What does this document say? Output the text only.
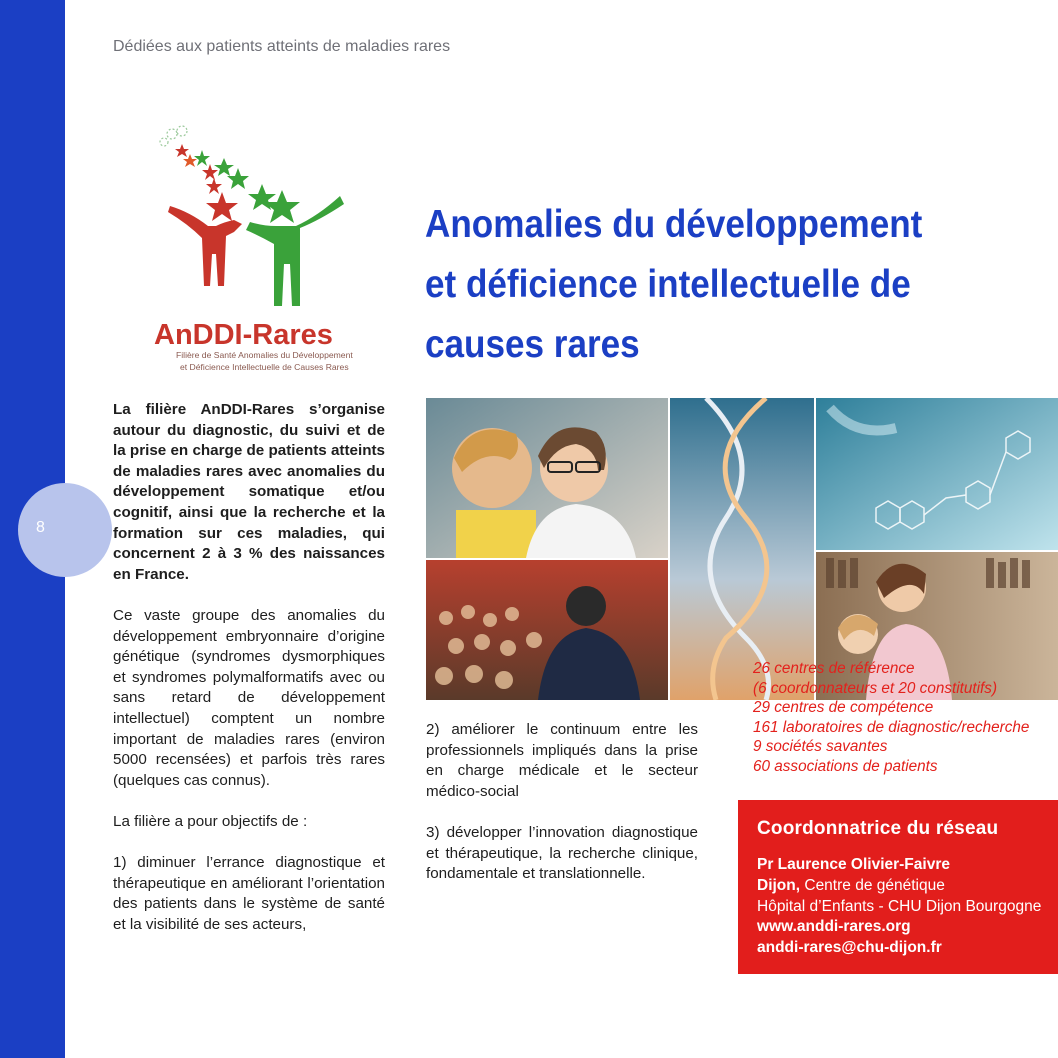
8
Dédiées aux patients atteints de maladies rares
AnDDI-Rares
Filière de Santé Anomalies du Développement
et Déficience Intellectuelle de Causes Rares
Anomalies du développement
et déficience intellectuelle de
causes rares

La filière AnDDI-Rares s’organise autour du diagnostic, du suivi et de la prise en charge de patients atteints de maladies rares avec anomalies du développement somatique et/ou cognitif, ainsi que la recherche et la formation sur ces maladies, qui concernent 2 à 3 % des naissances en France.

Ce vaste groupe des anomalies du développement embryonnaire d’origine génétique (syndromes dysmorphiques et syndromes polymalformatifs avec ou sans retard de développement intellectuel) comptent un nombre important de maladies rares (environ 5000 recensées) et parfois très rares (quelques cas connus).

La filière a pour objectifs de :

1) diminuer l’errance diagnostique et thérapeutique en améliorant l’orientation des patients dans le système de santé et la visibilité de ses acteurs,

2) améliorer le continuum entre les professionnels impliqués dans la prise en charge médicale et le secteur médico-social

3) développer l’innovation diagnostique et thérapeutique, la recherche clinique, fondamentale et translationnelle.

26 centres de référence
(6 coordonnateurs et 20 constitutifs)
29 centres de compétence
161 laboratoires de diagnostic/recherche
9 sociétés savantes
60 associations de patients
Coordonnatrice du réseau
Pr Laurence Olivier-Faivre
Dijon, Centre de génétique
Hôpital d’Enfants - CHU Dijon Bourgogne
www.anddi-rares.org
anddi-rares@chu-dijon.fr
